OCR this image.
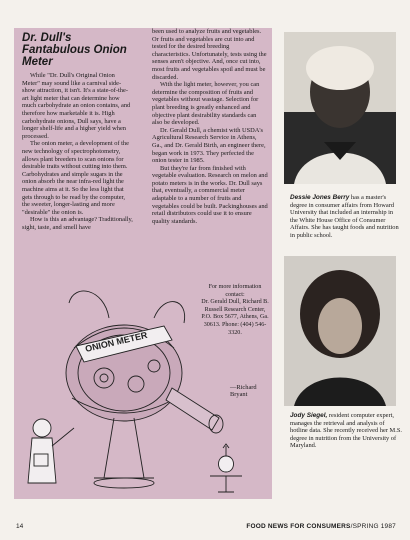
Dr. Dull's Fantabulous Onion Meter

While "Dr. Dull's Original Onion Meter" may sound like a carnival side-show attraction, it isn't. It's a state-of-the-art light meter that can determine how much carbohydrate an onion contains, and therefore how marketable it is. High carbohydrate onions, Dull says, have a longer shelf-life and a higher yield when processed.

The onion meter, a development of the new technology of spectrophotometry, allows plant breeders to scan onions for desirable traits without cutting into them. Carbohydrates and simple sugars in the onion absorb the near infra-red light the machine aims at it. So the less light that gets through to be read by the computer, the sweeter, longer-lasting and more "desirable" the onion is.

How is this an advantage? Traditionally, sight, taste, and smell have

been used to analyze fruits and vegetables. Or fruits and vegetables are cut into and tested for the desired breeding characteristics. Unfortunately, tests using the senses aren't objective. And, once cut into, most fruits and vegetables spoil and must be discarded.

With the light meter, however, you can determine the composition of fruits and vegetables without wastage. Selection for plant breeding is greatly enhanced and objective plant desirability standards can also be developed.

Dr. Gerald Dull, a chemist with USDA's Agricultural Research Service in Athens, Ga., and Dr. Gerald Birth, an engineer there, began work in 1973. They perfected the onion tester in 1985.

But they're far from finished with vegetable evaluation. Research on melon and potato meters is in the works. Dr. Dull says that, eventually, a commercial meter adaptable to a number of fruits and vegetables could be built. Packinghouses and retail distributors could use it to ensure quality standards.

For more information contact:
Dr. Gerald Dull, Richard B. Russell Research Center, P.O. Box 5677, Athens, Ga. 30613. Phone: (404) 546-3320.
—Richard Bryant
ONION METER
Dessie Jones Berry has a master's degree in consumer affairs from Howard University that included an internship in the White House Office of Consumer Affairs. She has taught foods and nutrition in public school.
Jody Siegel, resident computer expert, manages the retrieval and analysis of hotline data. She recently received her M.S. degree in nutrition from the University of Maryland.
14	FOOD NEWS FOR CONSUMERS/SPRING 1987
